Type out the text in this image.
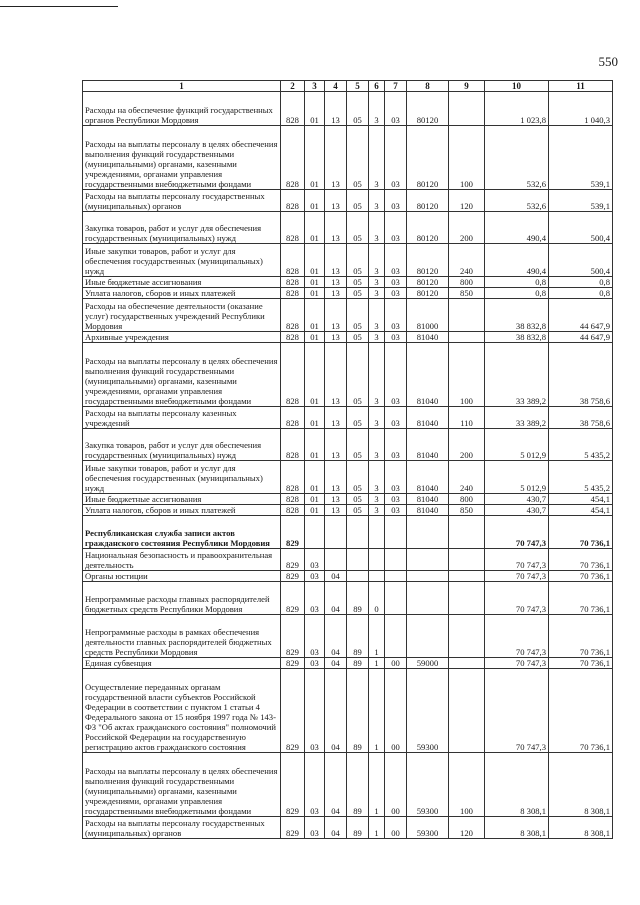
550
1	2	3	4	5	6	7	8	9	10	11
Расходы на обеспечение функций государственных органов Республики Мордовия	828	01	13	05	3	03	80120		1 023,8	1 040,3
Расходы на выплаты персоналу в целях обеспечения выполнения функций государственными (муниципальными) органами, казенными учреждениями, органами управления государственными внебюджетными фондами	828	01	13	05	3	03	80120	100	532,6	539,1
Расходы на выплаты персоналу государственных (муниципальных) органов	828	01	13	05	3	03	80120	120	532,6	539,1
Закупка товаров, работ и услуг для обеспечения государственных (муниципальных) нужд	828	01	13	05	3	03	80120	200	490,4	500,4
Иные закупки товаров, работ и услуг для обеспечения государственных (муниципальных) нужд	828	01	13	05	3	03	80120	240	490,4	500,4
Иные бюджетные ассигнования	828	01	13	05	3	03	80120	800	0,8	0,8
Уплата налогов, сборов и иных платежей	828	01	13	05	3	03	80120	850	0,8	0,8
Расходы на обеспечение деятельности (оказание услуг) государственных учреждений Республики Мордовия	828	01	13	05	3	03	81000		38 832,8	44 647,9
Архивные учреждения	828	01	13	05	3	03	81040		38 832,8	44 647,9
Расходы на выплаты персоналу в целях обеспечения выполнения функций государственными (муниципальными) органами, казенными учреждениями, органами управления государственными внебюджетными фондами	828	01	13	05	3	03	81040	100	33 389,2	38 758,6
Расходы на выплаты персоналу казенных учреждений	828	01	13	05	3	03	81040	110	33 389,2	38 758,6
Закупка товаров, работ и услуг для обеспечения государственных (муниципальных) нужд	828	01	13	05	3	03	81040	200	5 012,9	5 435,2
Иные закупки товаров, работ и услуг для обеспечения государственных (муниципальных) нужд	828	01	13	05	3	03	81040	240	5 012,9	5 435,2
Иные бюджетные ассигнования	828	01	13	05	3	03	81040	800	430,7	454,1
Уплата налогов, сборов и иных платежей	828	01	13	05	3	03	81040	850	430,7	454,1
Республиканская служба записи актов гражданского состояния Республики Мордовия	829								70 747,3	70 736,1
Национальная безопасность и правоохранительная деятельность	829	03							70 747,3	70 736,1
Органы юстиции	829	03	04						70 747,3	70 736,1
Непрограммные расходы главных распорядителей бюджетных средств Республики Мордовия	829	03	04	89	0				70 747,3	70 736,1
Непрограммные расходы в рамках обеспечения деятельности главных распорядителей бюджетных средств Республики Мордовия	829	03	04	89	1				70 747,3	70 736,1
Единая субвенция	829	03	04	89	1	00	59000		70 747,3	70 736,1
Осуществление переданных органам государственной власти субъектов Российской Федерации в соответствии с пунктом 1 статьи 4 Федерального закона от 15 ноября 1997 года № 143-ФЗ "Об актах гражданского состояния" полномочий Российской Федерации на государственную регистрацию актов гражданского состояния	829	03	04	89	1	00	59300		70 747,3	70 736,1
Расходы на выплаты персоналу в целях обеспечения выполнения функций государственными (муниципальными) органами, казенными учреждениями, органами управления государственными внебюджетными фондами	829	03	04	89	1	00	59300	100	8 308,1	8 308,1
Расходы на выплаты персоналу государственных (муниципальных) органов	829	03	04	89	1	00	59300	120	8 308,1	8 308,1
